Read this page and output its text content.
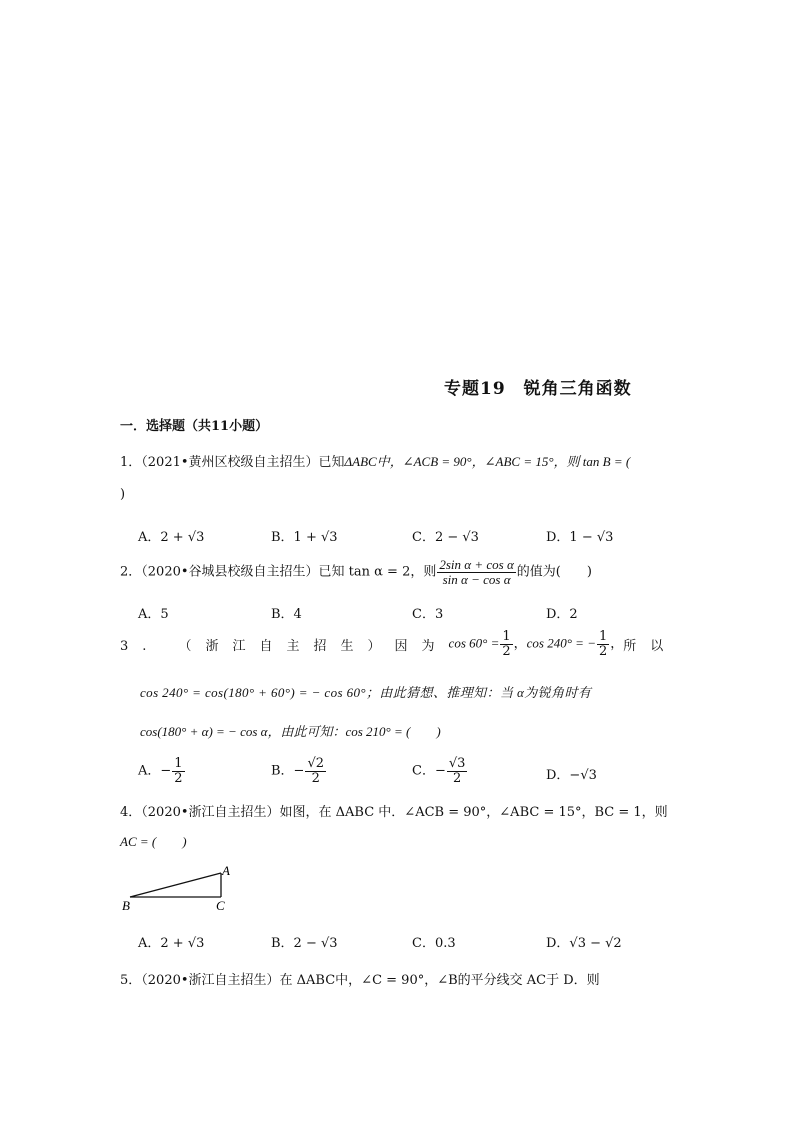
专题19　锐角三角函数
一．选择题（共11小题）
1．（2021•黄州区校级自主招生）已知ΔABC中，∠ACB = 90°，∠ABC = 15°，则 tan B = (
)
A．2 + √3	B．1 + √3	C．2 − √3	D．1 − √3
2．（2020•谷城县校级自主招生）已知 tan α = 2，则 $\frac{\text{2sin α + cos α}}{\text{sin α − cos α}}$ 的值为(　　)
A．5	B．4	C．3	D．2
3. （浙江自主招生）因为 $\cos 60^\circ = \frac{1}{2}$ ， cos 240° = − $\frac{1}{2}$ ， 所以
cos 240° = cos(180° + 60°) = − cos 60°；由此猜想、推理知：当 α为锐角时有
cos(180° + α) = − cos α，由此可知：cos 210° = (　　)
A．− $\frac{1}{2}$	B．− $\frac{√2}{2}$	C．− $\frac{√3}{2}$	D．−√3
4．（2020•浙江自主招生）如图，在 ΔABC 中．∠ACB = 90°，∠ABC = 15°，BC = 1，则
AC = (　　)
A
B	C
A．2 + √3	B．2 − √3	C．0.3	D．√3 − √2
5．（2020•浙江自主招生）在 ΔABC中，∠C = 90°，∠B的平分线交 AC于 D．则
